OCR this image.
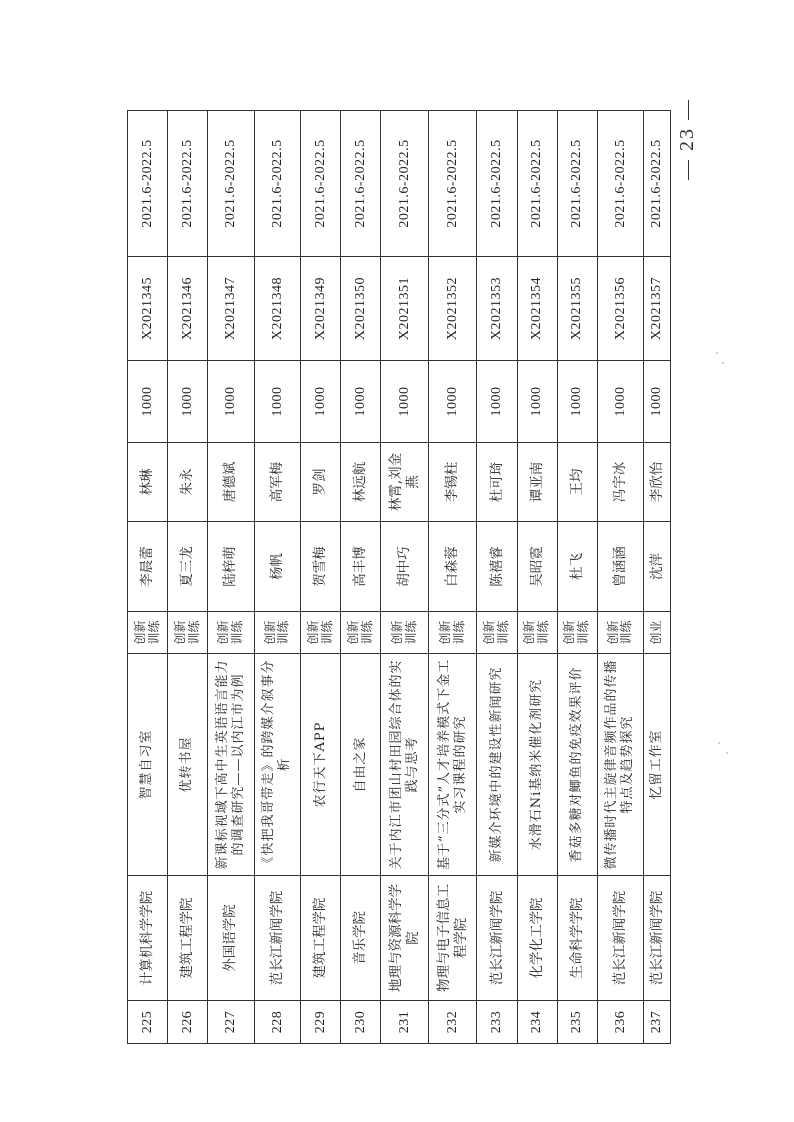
225	计算机科学学院	智慧自习室	创新训练	李晨蕾	林琳	1000	X2021345	2021.6-2022.5
226	建筑工程学院	优转书屋	创新训练	夏三龙	朱永	1000	X2021346	2021.6-2022.5
227	外国语学院	新课标视域下高中生英语语言能力的调查研究——以内江市为例	创新训练	陆梓萌	唐德斌	1000	X2021347	2021.6-2022.5
228	范长江新闻学院	《快把我哥带走》的跨媒介叙事分析	创新训练	杨帆	高军梅	1000	X2021348	2021.6-2022.5
229	建筑工程学院	农行天下APP	创新训练	贺雪梅	罗剑	1000	X2021349	2021.6-2022.5
230	音乐学院	自由之家	创新训练	高丰博	林远航	1000	X2021350	2021.6-2022.5
231	地理与资源科学学院	关于内江市团山村田园综合体的实践与思考	创新训练	胡中巧	林霄,刘金燕	1000	X2021351	2021.6-2022.5
232	物理与电子信息工程学院	基于“三分式”人才培养模式下金工实习课程的研究	创新训练	白森蓉	李锡柱	1000	X2021352	2021.6-2022.5
233	范长江新闻学院	新媒介环境中的建设性新闻研究	创新训练	陈禧睿	杜可琦	1000	X2021353	2021.6-2022.5
234	化学化工学院	水滑石Ni基纳米催化剂研究	创新训练	吴昭霓	谭亚南	1000	X2021354	2021.6-2022.5
235	生命科学学院	香菇多糖对鲫鱼的免疫效果评价	创新训练	杜飞	王均	1000	X2021355	2021.6-2022.5
236	范长江新闻学院	微传播时代主旋律音频作品的传播特点及趋势探究	创新训练	曾涵涵	冯宇冰	1000	X2021356	2021.6-2022.5
237	范长江新闻学院	忆留工作室	创业	沈萍	李欣怡	1000	X2021357	2021.6-2022.5
— 23 —
